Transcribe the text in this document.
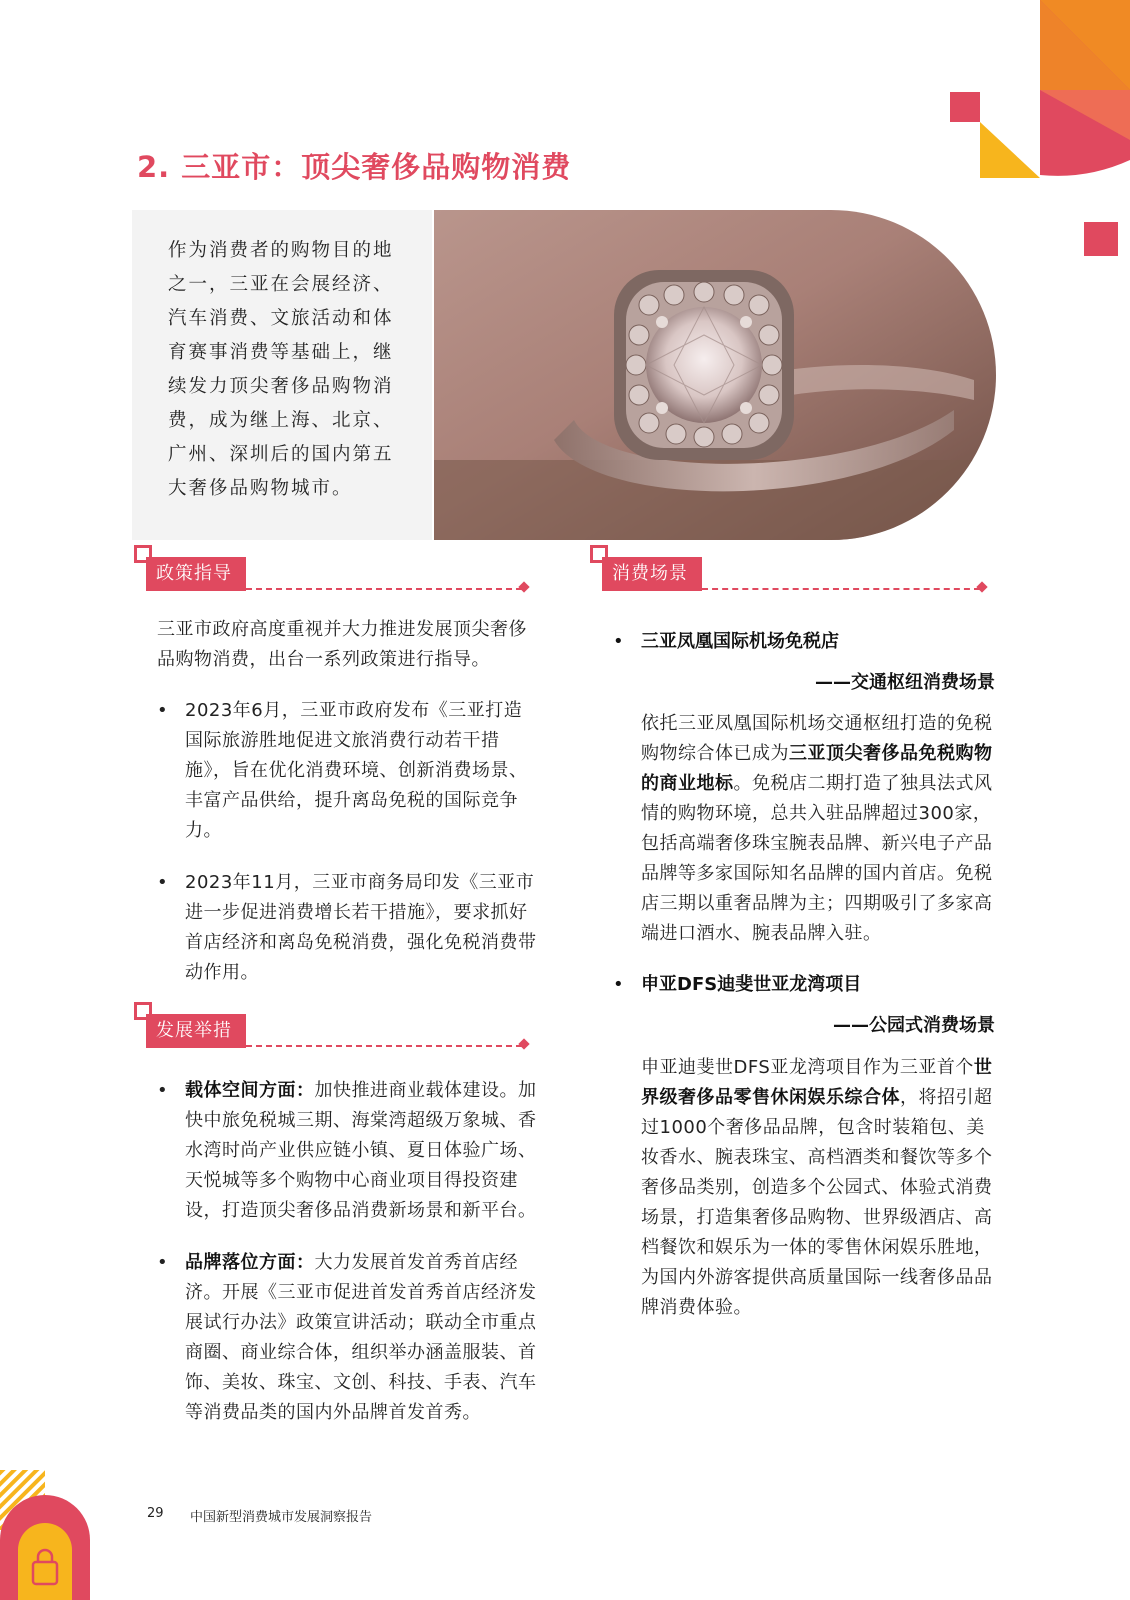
2. 三亚市：顶尖奢侈品购物消费
作为消费者的购物目的地之一，三亚在会展经济、汽车消费、文旅活动和体育赛事消费等基础上，继续发力顶尖奢侈品购物消费，成为继上海、北京、广州、深圳后的国内第五大奢侈品购物城市。
政策指导
三亚市政府高度重视并大力推进发展顶尖奢侈品购物消费，出台一系列政策进行指导。
• 2023年6月，三亚市政府发布《三亚打造国际旅游胜地促进文旅消费行动若干措施》，旨在优化消费环境、创新消费场景、丰富产品供给，提升离岛免税的国际竞争力。
• 2023年11月，三亚市商务局印发《三亚市进一步促进消费增长若干措施》，要求抓好首店经济和离岛免税消费，强化免税消费带动作用。
发展举措
• 载体空间方面：加快推进商业载体建设。加快中旅免税城三期、海棠湾超级万象城、香水湾时尚产业供应链小镇、夏日体验广场、天悦城等多个购物中心商业项目得投资建设，打造顶尖奢侈品消费新场景和新平台。
• 品牌落位方面：大力发展首发首秀首店经济。开展《三亚市促进首发首秀首店经济发展试行办法》政策宣讲活动；联动全市重点商圈、商业综合体，组织举办涵盖服装、首饰、美妆、珠宝、文创、科技、手表、汽车等消费品类的国内外品牌首发首秀。
消费场景
• 三亚凤凰国际机场免税店
——交通枢纽消费场景
依托三亚凤凰国际机场交通枢纽打造的免税购物综合体已成为三亚顶尖奢侈品免税购物的商业地标。免税店二期打造了独具法式风情的购物环境，总共入驻品牌超过300家，包括高端奢侈珠宝腕表品牌、新兴电子产品品牌等多家国际知名品牌的国内首店。免税店三期以重奢品牌为主；四期吸引了多家高端进口酒水、腕表品牌入驻。
• 申亚DFS迪斐世亚龙湾项目
——公园式消费场景
申亚迪斐世DFS亚龙湾项目作为三亚首个世界级奢侈品零售休闲娱乐综合体，将招引超过1000个奢侈品品牌，包含时装箱包、美妆香水、腕表珠宝、高档酒类和餐饮等多个奢侈品类别，创造多个公园式、体验式消费场景，打造集奢侈品购物、世界级酒店、高档餐饮和娱乐为一体的零售休闲娱乐胜地，为国内外游客提供高质量国际一线奢侈品品牌消费体验。
29 中国新型消费城市发展洞察报告
